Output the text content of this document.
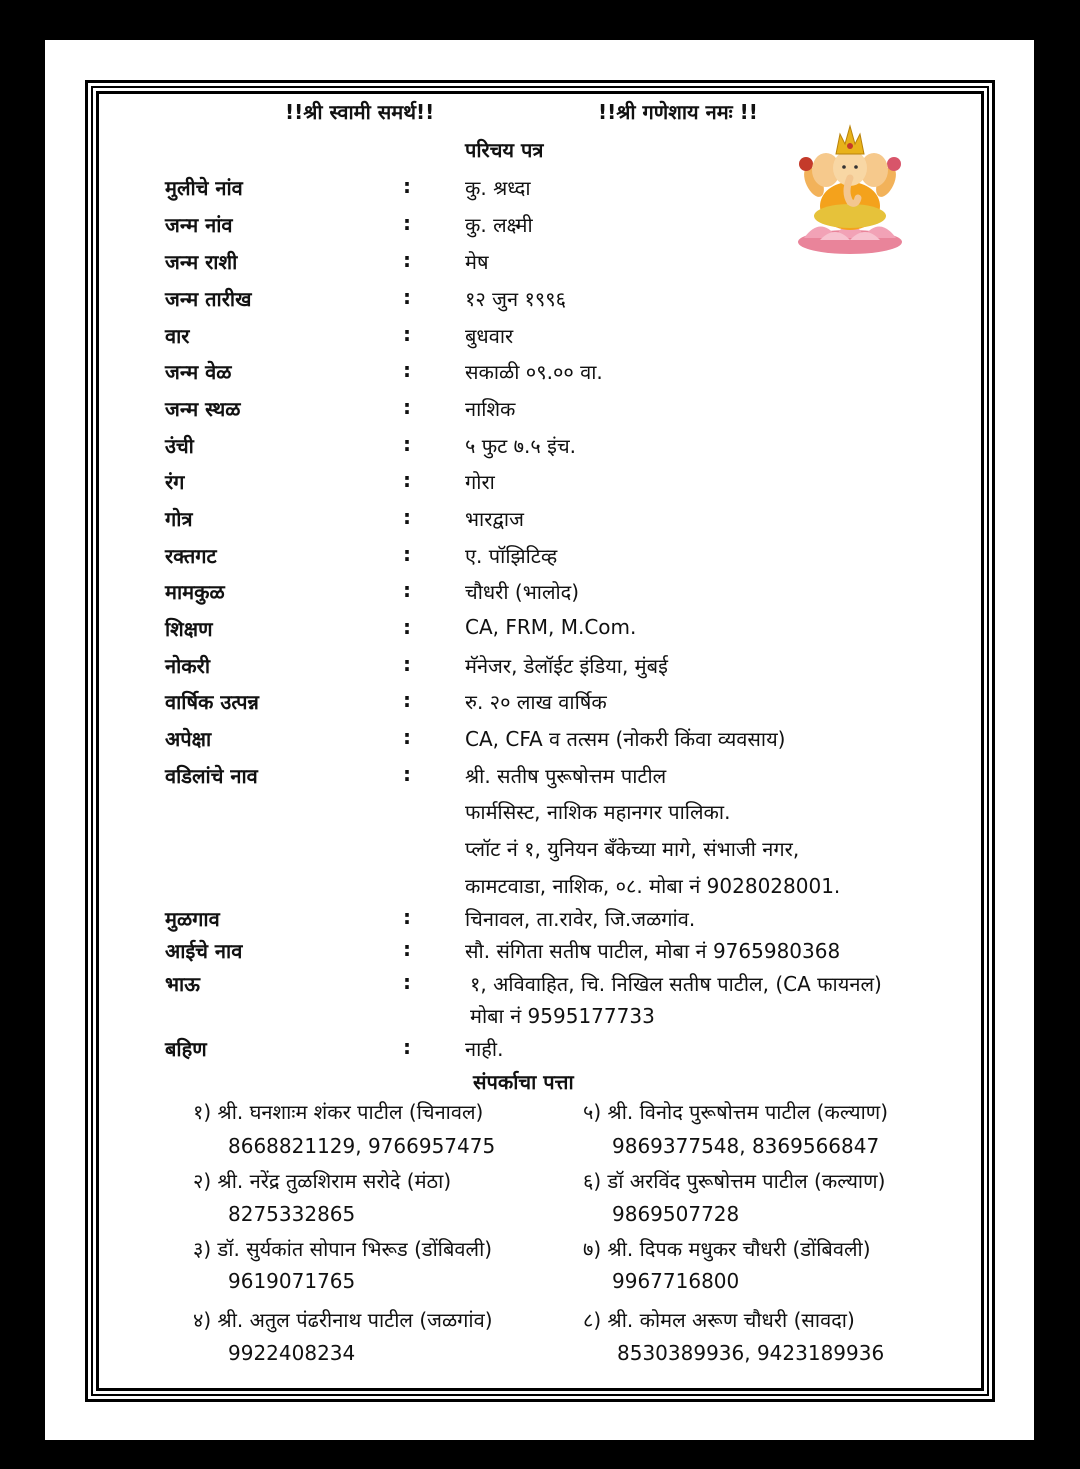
!!श्री स्वामी समर्थ!!	!!श्री गणेशाय नमः !!
परिचय पत्र
मुलीचे नांव	:	कु. श्रध्दा
जन्म नांव	:	कु. लक्ष्मी
जन्म राशी	:	मेष
जन्म तारीख	:	१२ जुन १९९६
वार	:	बुधवार
जन्म वेळ	:	सकाळी ०९.०० वा.
जन्म स्थळ	:	नाशिक
उंची	:	५ फुट ७.५ इंच.
रंग	:	गोरा
गोत्र	:	भारद्वाज
रक्तगट	:	ए. पॉझिटिव्ह
मामकुळ	:	चौधरी (भालोद)
शिक्षण	:	CA, FRM, M.Com.
नोकरी	:	मॅनेजर, डेलॉईट इंडिया, मुंबई
वार्षिक उत्पन्न	:	रु. २० लाख वार्षिक
अपेक्षा	:	CA, CFA व तत्सम (नोकरी किंवा व्यवसाय)
वडिलांचे नाव	:	श्री. सतीष पुरूषोत्तम पाटील
फार्मसिस्ट, नाशिक महानगर पालिका.
प्लॉट नं १, युनियन बॅंकेच्या मागे, संभाजी नगर,
कामटवाडा, नाशिक, ०८. मोबा नं 9028028001.
मुळगाव	:	चिनावल, ता.रावेर, जि.जळगांव.
आईचे नाव	:	सौ. संगिता सतीष पाटील, मोबा नं 9765980368
भाऊ	:	१, अविवाहित, चि. निखिल सतीष पाटील, (CA फायनल)
मोबा नं 9595177733
बहिण	:	नाही.
संपर्काचा पत्ता
१) श्री. घनशाःम शंकर पाटील (चिनावल)
8668821129, 9766957475
२) श्री. नरेंद्र तुळशिराम सरोदे (मंठा)
8275332865
३) डॉ. सुर्यकांत सोपान भिरूड (डोंबिवली)
9619071765
४) श्री. अतुल पंढरीनाथ पाटील (जळगांव)
9922408234
५) श्री. विनोद पुरूषोत्तम पाटील (कल्याण)
9869377548, 8369566847
६) डॉ अरविंद पुरूषोत्तम पाटील (कल्याण)
9869507728
७) श्री. दिपक मधुकर चौधरी (डोंबिवली)
9967716800
८) श्री. कोमल अरूण चौधरी (सावदा)
8530389936, 9423189936
